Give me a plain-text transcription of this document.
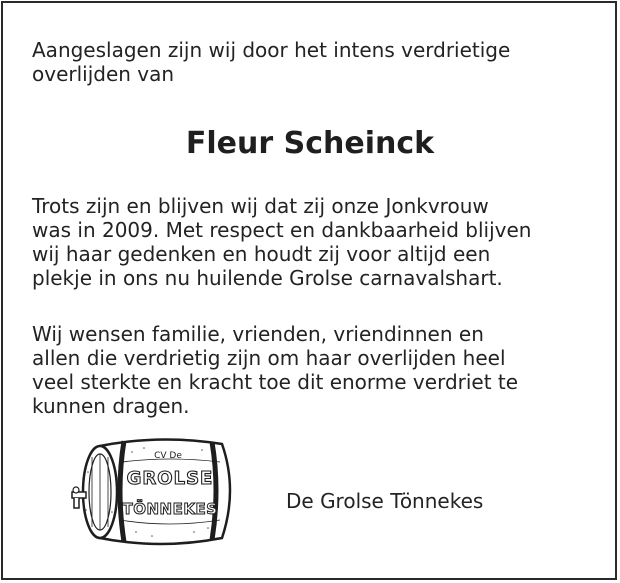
Aangeslagen zijn wij door het intens verdrietige
overlijden van

Fleur Scheinck

Trots zijn en blijven wij dat zij onze Jonkvrouw
was in 2009. Met respect en dankbaarheid blijven
wij haar gedenken en houdt zij voor altijd een
plekje in ons nu huilende Grolse carnavalshart.

Wij wensen familie, vrienden, vriendinnen en
allen die verdrietig zijn om haar overlijden heel
veel sterkte en kracht toe dit enorme verdriet te
kunnen dragen.

CV De
GROLSE
TÖNNEKES	De Grolse Tönnekes
